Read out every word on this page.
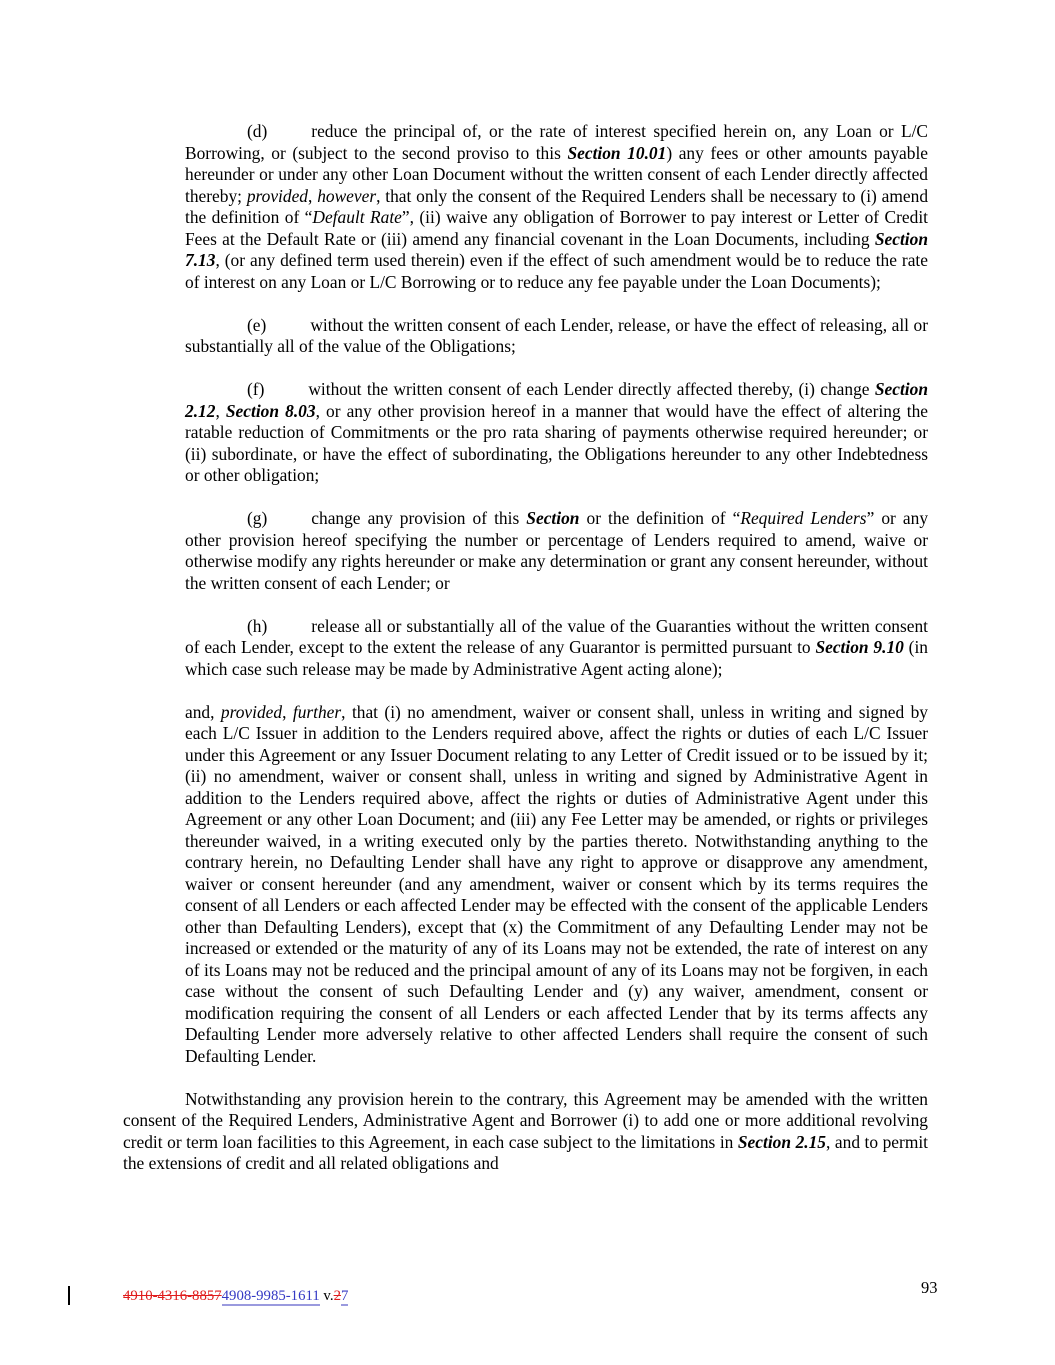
(d)	reduce the principal of, or the rate of interest specified herein on, any Loan or L/C Borrowing, or (subject to the second proviso to this Section 10.01) any fees or other amounts payable hereunder or under any other Loan Document without the written consent of each Lender directly affected thereby; provided, however, that only the consent of the Required Lenders shall be necessary to (i) amend the definition of “Default Rate”, (ii) waive any obligation of Borrower to pay interest or Letter of Credit Fees at the Default Rate or (iii) amend any financial covenant in the Loan Documents, including Section 7.13, (or any defined term used therein) even if the effect of such amendment would be to reduce the rate of interest on any Loan or L/C Borrowing or to reduce any fee payable under the Loan Documents);
(e)	without the written consent of each Lender, release, or have the effect of releasing, all or substantially all of the value of the Obligations;
(f)	without the written consent of each Lender directly affected thereby, (i) change Section 2.12, Section 8.03, or any other provision hereof in a manner that would have the effect of altering the ratable reduction of Commitments or the pro rata sharing of payments otherwise required hereunder; or (ii) subordinate, or have the effect of subordinating, the Obligations hereunder to any other Indebtedness or other obligation;
(g)	change any provision of this Section or the definition of “Required Lenders” or any other provision hereof specifying the number or percentage of Lenders required to amend, waive or otherwise modify any rights hereunder or make any determination or grant any consent hereunder, without the written consent of each Lender; or
(h)	release all or substantially all of the value of the Guaranties without the written consent of each Lender, except to the extent the release of any Guarantor is permitted pursuant to Section 9.10 (in which case such release may be made by Administrative Agent acting alone);
and, provided, further, that (i) no amendment, waiver or consent shall, unless in writing and signed by each L/C Issuer in addition to the Lenders required above, affect the rights or duties of each L/C Issuer under this Agreement or any Issuer Document relating to any Letter of Credit issued or to be issued by it; (ii) no amendment, waiver or consent shall, unless in writing and signed by Administrative Agent in addition to the Lenders required above, affect the rights or duties of Administrative Agent under this Agreement or any other Loan Document; and (iii) any Fee Letter may be amended, or rights or privileges thereunder waived, in a writing executed only by the parties thereto. Notwithstanding anything to the contrary herein, no Defaulting Lender shall have any right to approve or disapprove any amendment, waiver or consent hereunder (and any amendment, waiver or consent which by its terms requires the consent of all Lenders or each affected Lender may be effected with the consent of the applicable Lenders other than Defaulting Lenders), except that (x) the Commitment of any Defaulting Lender may not be increased or extended or the maturity of any of its Loans may not be extended, the rate of interest on any of its Loans may not be reduced and the principal amount of any of its Loans may not be forgiven, in each case without the consent of such Defaulting Lender and (y) any waiver, amendment, consent or modification requiring the consent of all Lenders or each affected Lender that by its terms affects any Defaulting Lender more adversely relative to other affected Lenders shall require the consent of such Defaulting Lender.
Notwithstanding any provision herein to the contrary, this Agreement may be amended with the written consent of the Required Lenders, Administrative Agent and Borrower (i) to add one or more additional revolving credit or term loan facilities to this Agreement, in each case subject to the limitations in Section 2.15, and to permit the extensions of credit and all related obligations and
4910-4316-88574908-9985-1611 v.27	93
